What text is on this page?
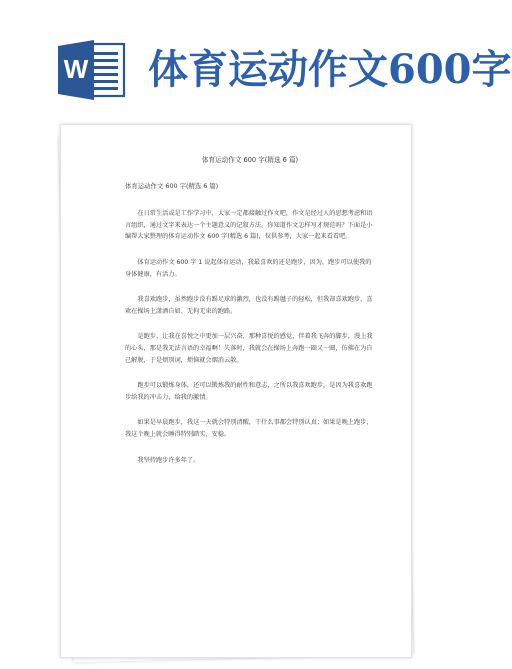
W 体育运动作文600字
体育运动作文 600 字(精选 6 篇)
体育运动作文 600 字(精选 6 篇)

在日常生活或是工作学习中，大家一定都接触过作文吧，作文是经过人的思想考虑和语言组织，通过文字来表达一个主题意义的记叙方法。你知道作文怎样写才规范吗？下面是小编帮大家整理的体育运动作文 600 字(精选 6 篇)，仅供参考，大家一起来看看吧。

体育运动作文 600 字 1 说起体育运动，我最喜欢的还是跑步，因为，跑步可以使我的身体健康，有活力。

我喜欢跑步，虽然跑步没有踢足球的激烈，也没有踢毽子的轻松，但我却喜欢跑步，喜欢在操场上潇洒自如、无拘无束的跑路。

是跑步，让我在喜悦之中更加一层兴奋，那种喜悦的感觉，伴着我飞奔的脚步，漫上我的心头，那是我无法言语的幸福啊！失落时，我就会在操场上奔跑一圈又一圈，仿佛在为自己解脱，于是烦别词，烦恼就会烟消云散。

跑步可以锻炼身体，还可以锻炼我的耐性和意志，之所以我喜欢跑步，是因为我喜欢跑步给我的冲击力，给我的激情。

如果是早晨跑步，我这一天就会特别清醒，干什么事都会特别认真；如果是晚上跑步，我这个晚上就会睡得特别踏实，安稳。

我坚持跑步许多年了。
